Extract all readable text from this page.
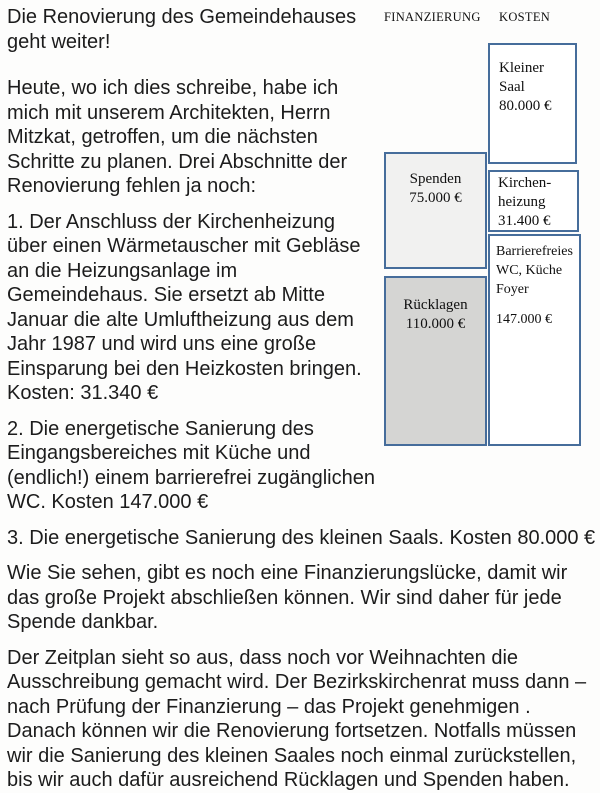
FINANZIERUNG KOSTEN
Kleiner Saal
80.000 €
Kirchen-heizung
31.400 €
Barrierefreies WC, Küche Foyer
147.000 €
Spenden
75.000 €
Rücklagen
110.000 €

Die Renovierung des Gemeindehauses geht weiter!

Heute, wo ich dies schreibe, habe ich mich mit unserem Architekten, Herrn Mitzkat, getroffen, um die nächsten Schritte zu planen. Drei Abschnitte der Renovierung fehlen ja noch:

1. Der Anschluss der Kirchenheizung über einen Wärmetauscher mit Gebläse an die Heizungsanlage im Gemeindehaus. Sie ersetzt ab Mitte Januar die alte Umluftheizung aus dem Jahr 1987 und wird uns eine große Einsparung bei den Heizkosten bringen. Kosten: 31.340 €

2. Die energetische Sanierung des Eingangsbereiches mit Küche und (endlich!) einem barrierefrei zugänglichen WC. Kosten 147.000 €

3. Die energetische Sanierung des kleinen Saals. Kosten 80.000 €

Wie Sie sehen, gibt es noch eine Finanzierungslücke, damit wir das große Projekt abschließen können. Wir sind daher für jede Spende dankbar.

Der Zeitplan sieht so aus, dass noch vor Weihnachten die Ausschreibung gemacht wird. Der Bezirkskirchenrat muss dann – nach Prüfung der Finanzierung – das Projekt genehmigen . Danach können wir die Renovierung fortsetzen. Notfalls müssen wir die Sanierung des kleinen Saales noch einmal zurückstellen, bis wir auch dafür ausreichend Rücklagen und Spenden haben.
